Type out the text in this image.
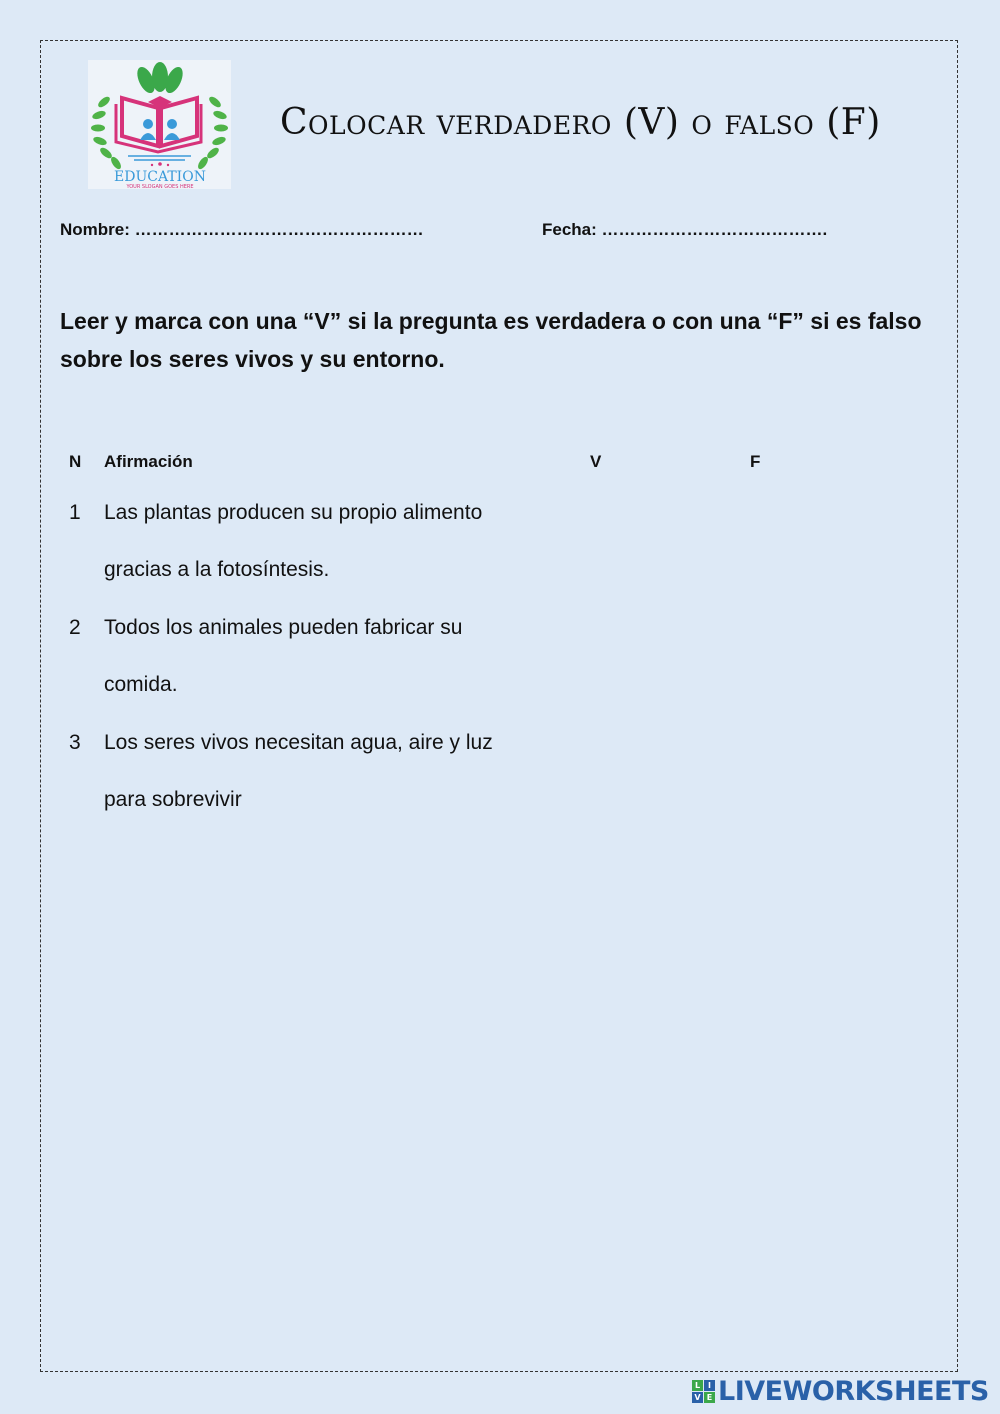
EDUCATION
YOUR SLOGAN GOES HERE
Colocar verdadero (V) o falso (F)
Nombre: ……………………………………………	Fecha: ………………………………….
Leer y marca con una “V” si la pregunta es verdadera o con una “F” si es falso sobre los seres vivos y su entorno.
N Afirmación	V	F
1 Las plantas producen su propio alimento
gracias a la fotosíntesis.
2 Todos los animales pueden fabricar su
comida.
3 Los seres vivos necesitan agua, aire y luz
para sobrevivir
L I
V E LIVEWORKSHEETS
